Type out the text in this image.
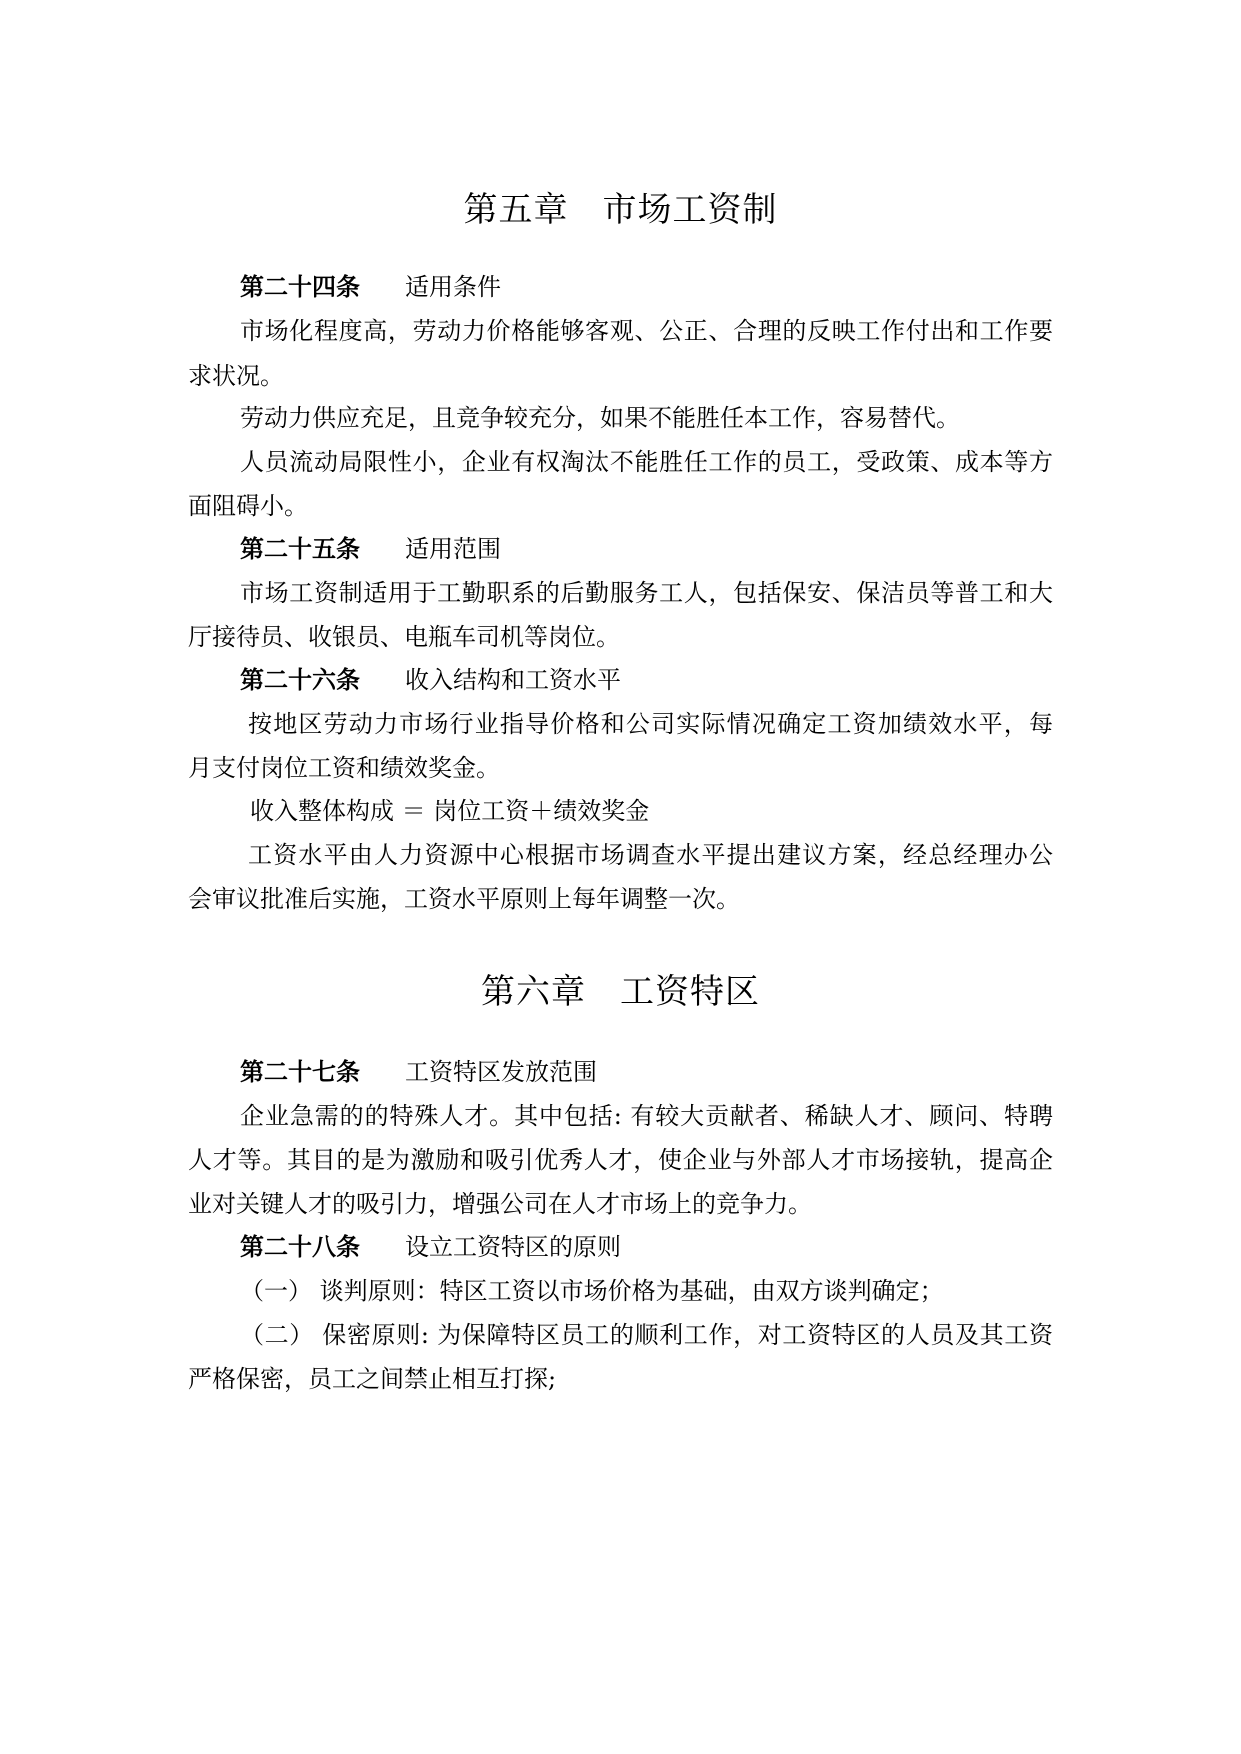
第五章 市场工资制
第二十四条 适用条件
市场化程度高，劳动力价格能够客观、公正、合理的反映工作付出和工作要
求状况。
劳动力供应充足，且竞争较充分，如果不能胜任本工作，容易替代。
人员流动局限性小，企业有权淘汰不能胜任工作的员工，受政策、成本等方
面阻碍小。
第二十五条 适用范围
市场工资制适用于工勤职系的后勤服务工人，包括保安、保洁员等普工和大
厅接待员、收银员、电瓶车司机等岗位。
第二十六条 收入结构和工资水平
按地区劳动力市场行业指导价格和公司实际情况确定工资加绩效水平，每
月支付岗位工资和绩效奖金。
收入整体构成 ＝ 岗位工资＋绩效奖金
工资水平由人力资源中心根据市场调查水平提出建议方案，经总经理办公
会审议批准后实施，工资水平原则上每年调整一次。
第六章 工资特区
第二十七条 工资特区发放范围
企业急需的的特殊人才。其中包括: 有较大贡献者、稀缺人才、顾问、特聘
人才等。其目的是为激励和吸引优秀人才，使企业与外部人才市场接轨，提高企
业对关键人才的吸引力，增强公司在人才市场上的竞争力。
第二十八条 设立工资特区的原则
（一） 谈判原则：特区工资以市场价格为基础，由双方谈判确定；
（二） 保密原则: 为保障特区员工的顺利工作，对工资特区的人员及其工资
严格保密，员工之间禁止相互打探;
